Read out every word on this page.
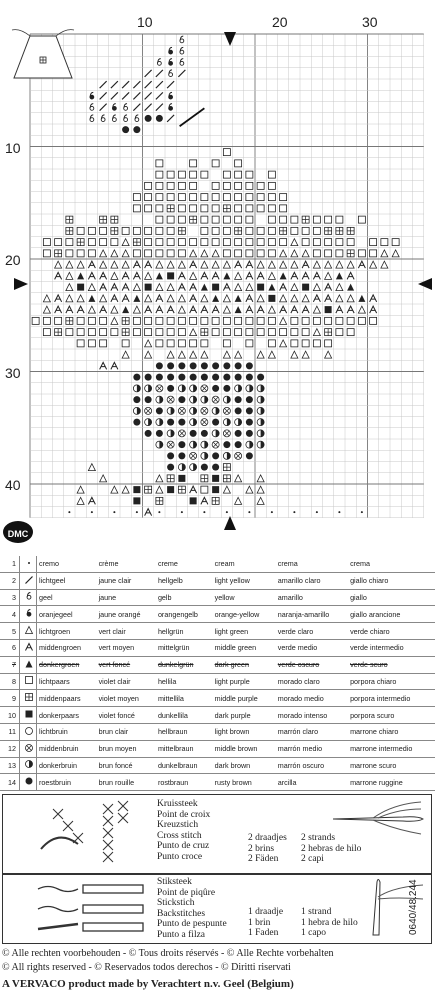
10	20	30
10
20
30
40
DMC
1		cremo	crème	creme	cream	crema	crema
2		lichtgeel	jaune clair	hellgelb	light yellow	amarillo claro	giallo chiaro
3		geel	jaune	gelb	yellow	amarillo	giallo
4		oranjegeel	jaune orangé	orangengelb	orange-yellow	naranja-amarillo	giallo arancione
5		lichtgroen	vert clair	hellgrün	light green	verde claro	verde chiaro
6		middengroen	vert moyen	mittelgrün	middle green	verde medio	verde intermedio
7		donkergroen	vert foncé	dunkelgrün	dark green	verde oscuro	verde scuro
8		lichtpaars	violet clair	hellila	light purple	morado claro	porpora chiaro
9		middenpaars	violet moyen	mittellila	middle purple	morado medio	porpora intermedio
10		donkerpaars	violet foncé	dunkellila	dark purple	morado intenso	porpora scuro
11		lichtbruin	brun clair	hellbraun	light brown	marrón claro	marrone chiaro
12		middenbruin	brun moyen	mittelbraun	middle brown	marrón medio	marrone intermedio
13		donkerbruin	brun foncé	dunkelbraun	dark brown	marrón oscuro	marrone scuro
14		roestbruin	brun rouille	rostbraun	rusty brown	arcilla	marrone ruggine
Kruissteek
Point de croix
Kreuzstich
Cross stitch
Punto de cruz
Punto croce
2 draadjes
2 brins
2 Fäden
2 strands
2 hebras de hilo
2 capi
Stiksteek
Point de piqûre
Stickstich
Backstitches
Punto de pespunte
Punto a filza
1 draadje
1 brin
1 Faden
1 strand
1 hebra de hilo
1 capo
© Alle rechten voorbehouden - © Tous droits réservés - © Alle Rechte vorbehalten
© All rights reserved - © Reservados todos derechos - © Diritti riservati
A VERVACO product made by Verachtert n.v. Geel (Belgium)
0640/48.244
